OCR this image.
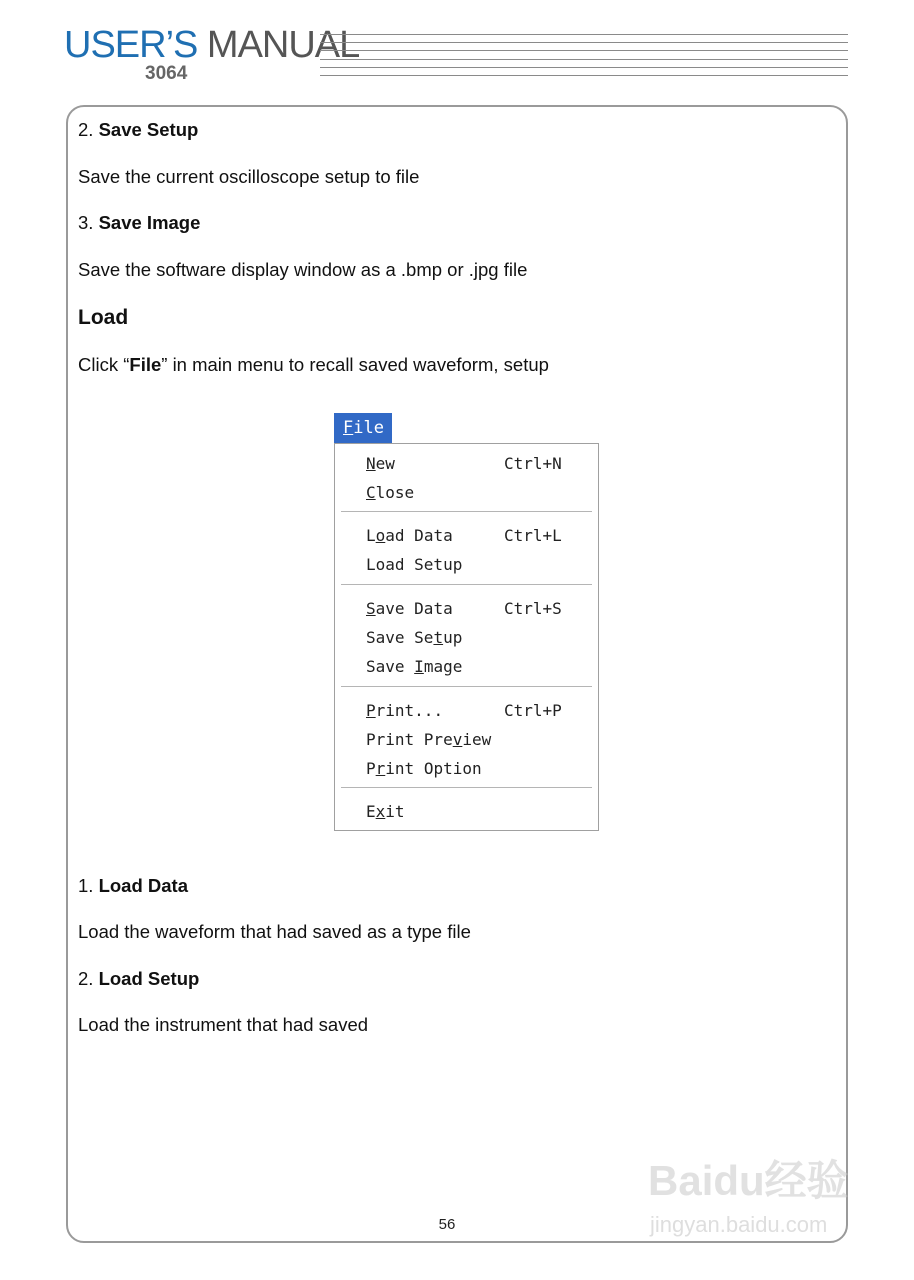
USER’S MANUAL
3064
2. Save Setup
Save the current oscilloscope setup to file
3. Save Image
Save the software display window as a .bmp or .jpg file
Load
Click “File” in main menu to recall saved waveform, setup
File
New	Ctrl+N
Close
Load Data	Ctrl+L
Load Setup
Save Data	Ctrl+S
Save Setup
Save Image
Print...	Ctrl+P
Print Preview
Print Option
Exit
1. Load Data
Load the waveform that had saved as a type file
2. Load Setup
Load the instrument that had saved
Baidu经验
jingyan.baidu.com
56
